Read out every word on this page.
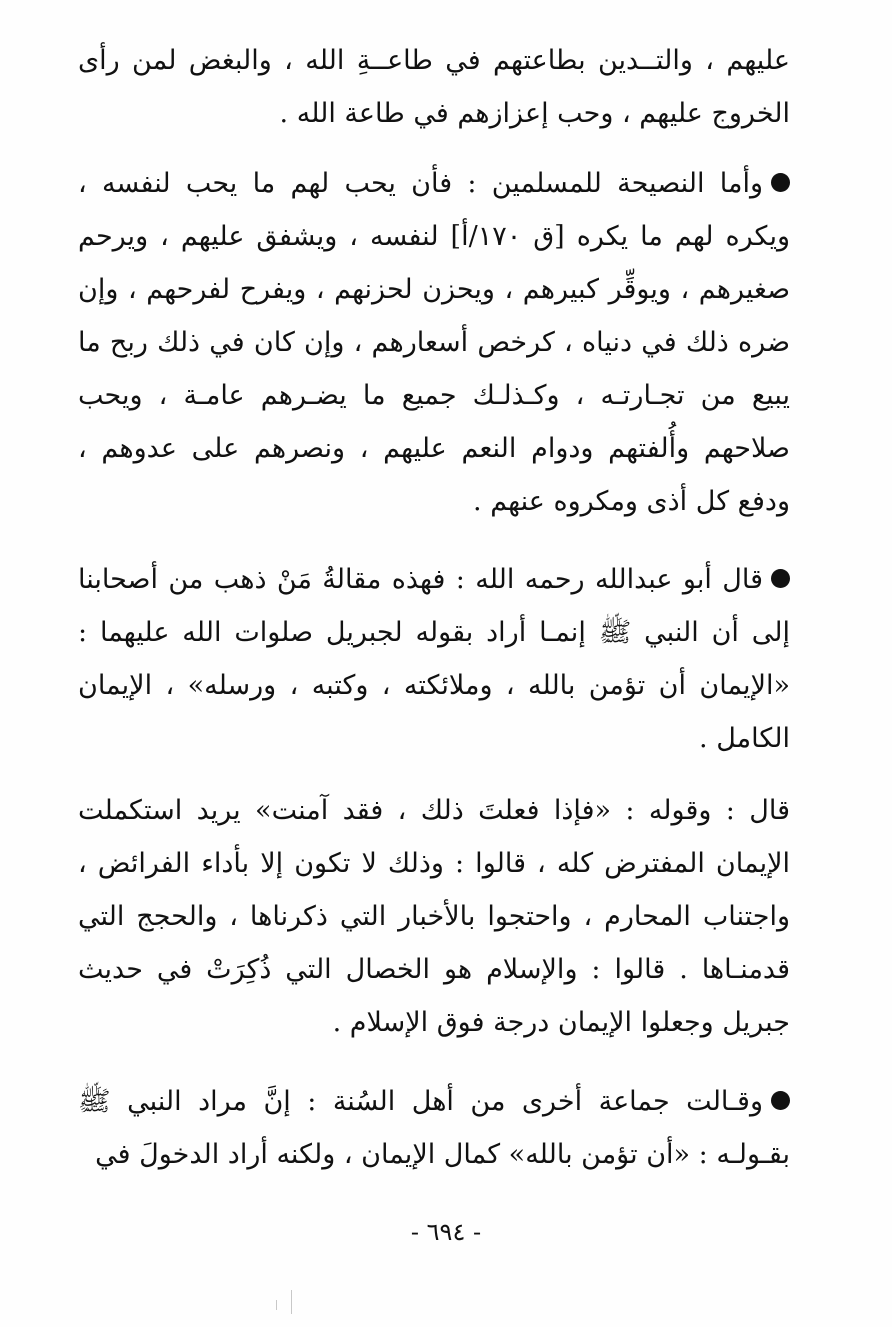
عليهم ، والتــدين بطاعتهم في طاعــةِ الله ، والبغض لمن رأى الخروج عليهم ، وحب إعزازهم في طاعة الله .

وأما النصيحة للمسلمين : فأن يحب لهم ما يحب لنفسه ، ويكره لهم ما يكره [ق ١٧٠/أ] لنفسه ، ويشفق عليهم ، ويرحم صغيرهم ، ويوقِّر كبيرهم ، ويحزن لحزنهم ، ويفرح لفرحهم ، وإن ضره ذلك في دنياه ، كرخص أسعارهم ، وإن كان في ذلك ربح ما يبيع من تجـارتـه ، وكـذلـك جميع ما يضـرهم عامـة ، ويحب صلاحهم وأُلفتهم ودوام النعم عليهم ، ونصرهم على عدوهم ، ودفع كل أذى ومكروه عنهم .

قال أبو عبدالله رحمه الله : فهذه مقالةُ مَنْ ذهب من أصحابنا إلى أن النبي ﷺ إنمـا أراد بقوله لجبريل صلوات الله عليهما : «الإيمان أن تؤمن بالله ، وملائكته ، وكتبه ، ورسله» ، الإيمان الكامل .

قال : وقوله : «فإذا فعلتَ ذلك ، فقد آمنت» يريد استكملت الإيمان المفترض كله ، قالوا : وذلك لا تكون إلا بأداء الفرائض ، واجتناب المحارم ، واحتجوا بالأخبار التي ذكرناها ، والحجج التي قدمنـاها . قالوا : والإسلام هو الخصال التي ذُكِرَتْ في حديث جبريل وجعلوا الإيمان درجة فوق الإسلام .

وقـالت جماعة أخرى من أهل السُنة : إنَّ مراد النبي ﷺ بقـولـه : «أن تؤمن بالله» كمال الإيمان ، ولكنه أراد الدخولَ في

- ٦٩٤ -
